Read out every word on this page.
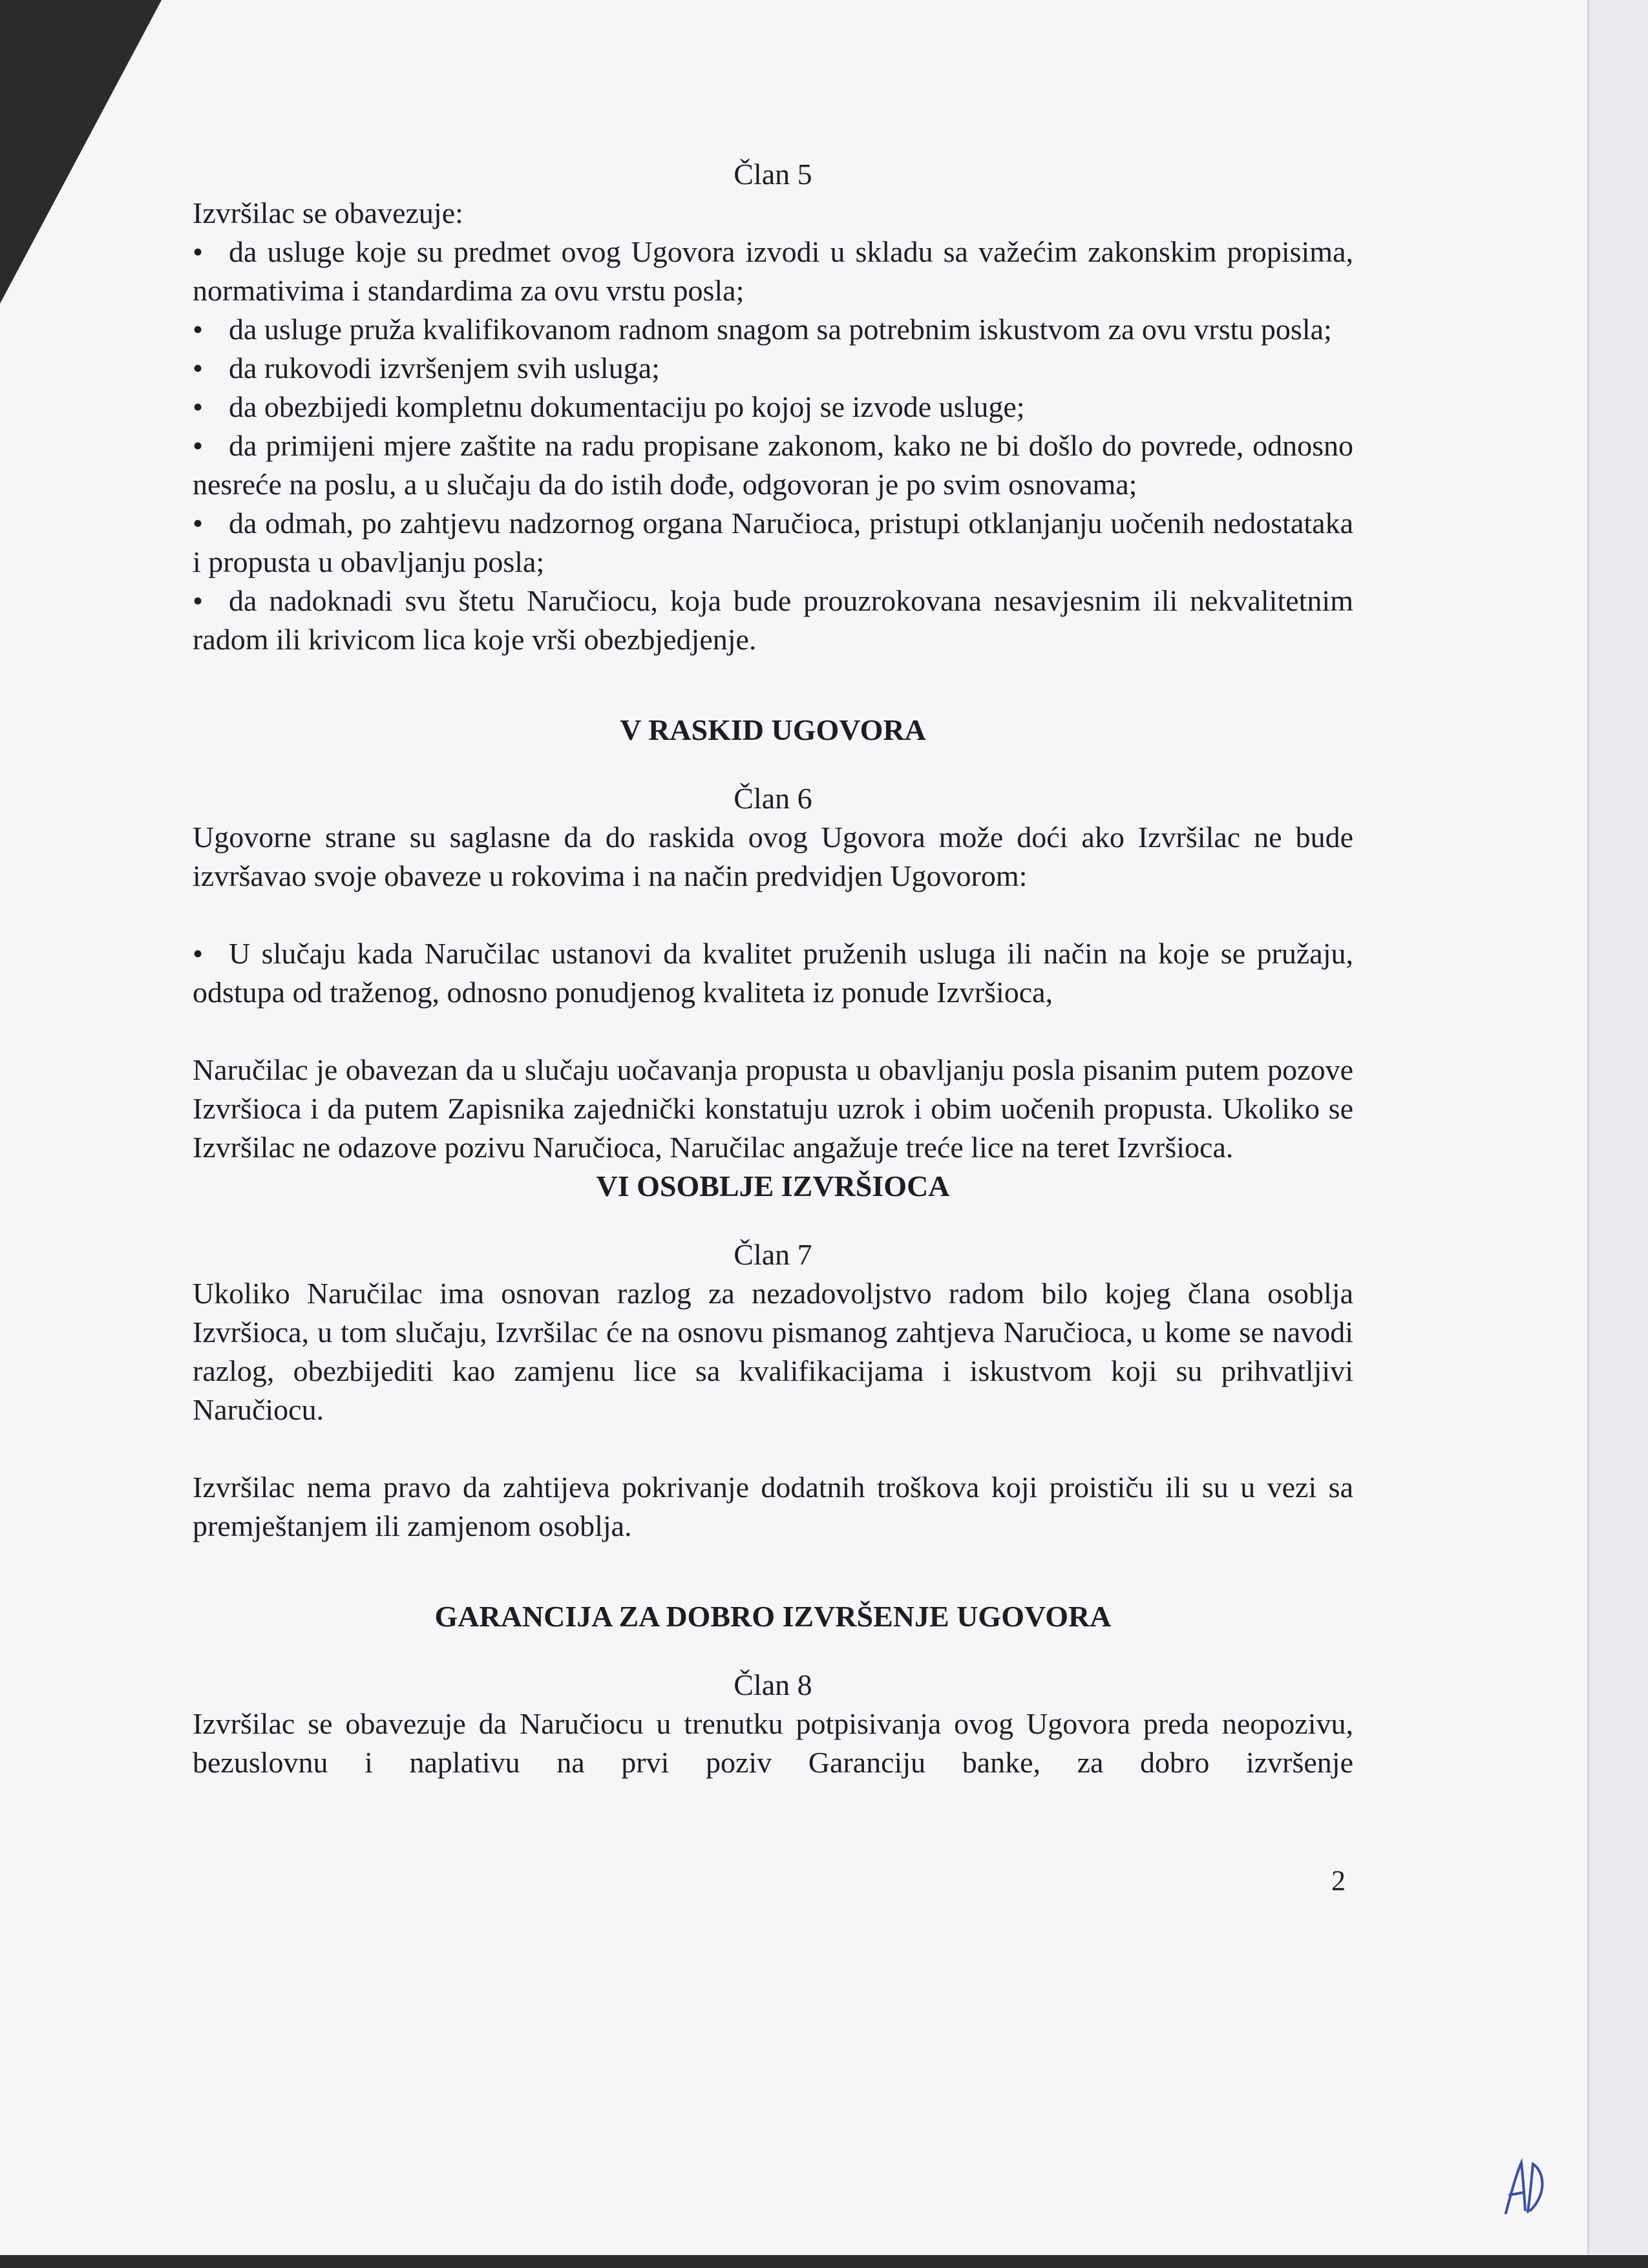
Član 5

Izvršilac se obavezuje:

• da usluge koje su predmet ovog Ugovora izvodi u skladu sa važećim zakonskim propisima, normativima i standardima za ovu vrstu posla;

• da usluge pruža kvalifikovanom radnom snagom sa potrebnim iskustvom za ovu vrstu posla;

• da rukovodi izvršenjem svih usluga;

• da obezbijedi kompletnu dokumentaciju po kojoj se izvode usluge;

• da primijeni mjere zaštite na radu propisane zakonom, kako ne bi došlo do povrede, odnosno nesreće na poslu, a u slučaju da do istih dođe, odgovoran je po svim osnovama;

• da odmah, po zahtjevu nadzornog organa Naručioca, pristupi otklanjanju uočenih nedostataka i propusta u obavljanju posla;

• da nadoknadi svu štetu Naručiocu, koja bude prouzrokovana nesavjesnim ili nekvalitetnim radom ili krivicom lica koje vrši obezbjedjenje.

V RASKID UGOVORA

Član 6

Ugovorne strane su saglasne da do raskida ovog Ugovora može doći ako Izvršilac ne bude izvršavao svoje obaveze u rokovima i na način predvidjen Ugovorom:

• U slučaju kada Naručilac ustanovi da kvalitet pruženih usluga ili način na koje se pružaju, odstupa od traženog, odnosno ponudjenog kvaliteta iz ponude Izvršioca,

Naručilac je obavezan da u slučaju uočavanja propusta u obavljanju posla pisanim putem pozove Izvršioca i da putem Zapisnika zajednički konstatuju uzrok i obim uočenih propusta. Ukoliko se Izvršilac ne odazove pozivu Naručioca, Naručilac angažuje treće lice na teret Izvršioca.

VI OSOBLJE IZVRŠIOCA

Član 7

Ukoliko Naručilac ima osnovan razlog za nezadovoljstvo radom bilo kojeg člana osoblja Izvršioca, u tom slučaju, Izvršilac će na osnovu pismanog zahtjeva Naručioca, u kome se navodi razlog, obezbijediti kao zamjenu lice sa kvalifikacijama i iskustvom koji su prihvatljivi Naručiocu.

Izvršilac nema pravo da zahtijeva pokrivanje dodatnih troškova koji proističu ili su u vezi sa premještanjem ili zamjenom osoblja.

GARANCIJA ZA DOBRO IZVRŠENJE UGOVORA

Član 8

Izvršilac se obavezuje da Naručiocu u trenutku potpisivanja ovog Ugovora preda neopozivu, bezuslovnu i naplativu na prvi poziv Garanciju banke, za dobro izvršenje

2
